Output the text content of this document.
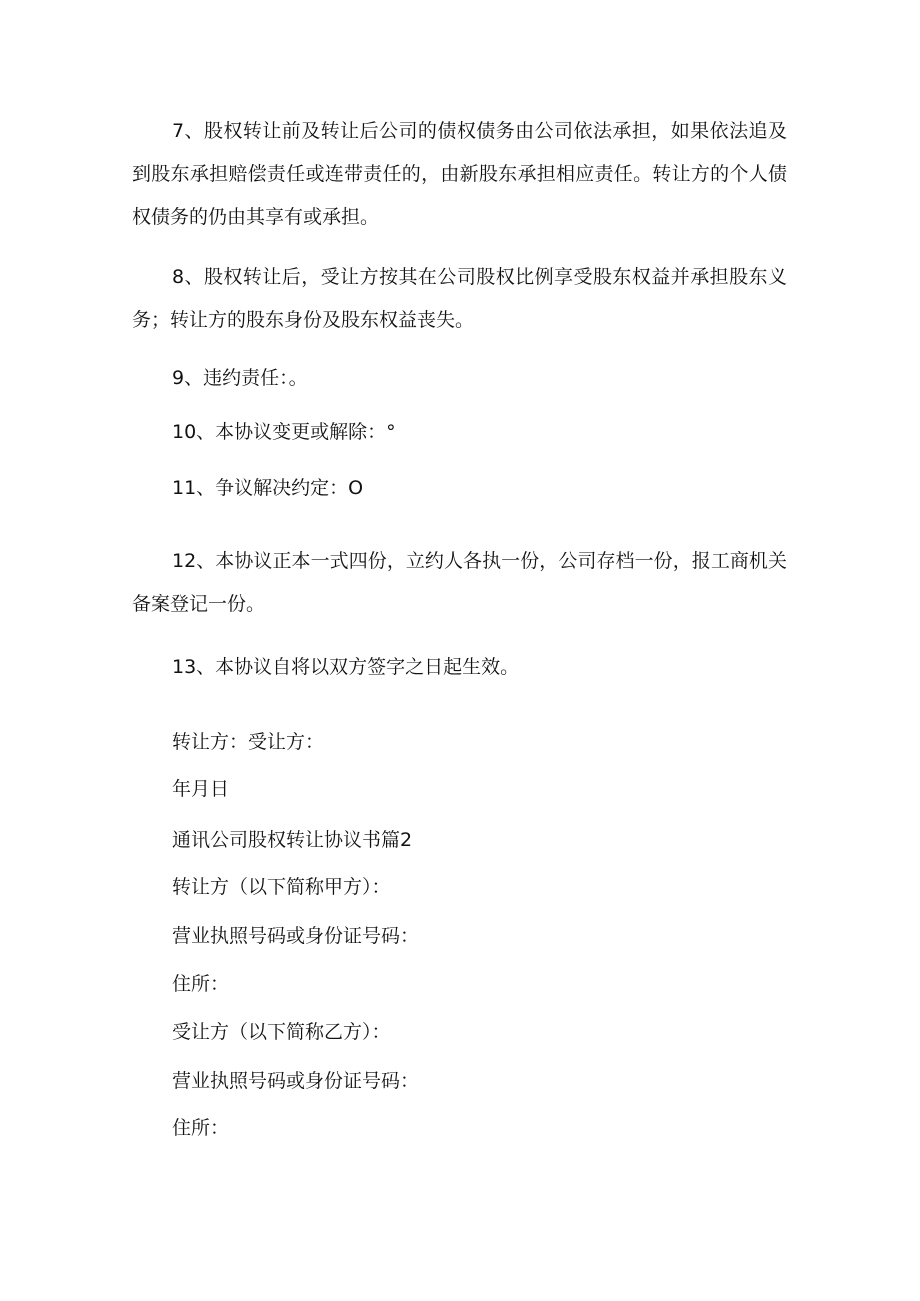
7、股权转让前及转让后公司的债权债务由公司依法承担，如果依法追及到股东承担赔偿责任或连带责任的，由新股东承担相应责任。转让方的个人债权债务的仍由其享有或承担。

8、股权转让后，受让方按其在公司股权比例享受股东权益并承担股东义务；转让方的股东身份及股东权益丧失。

9、违约责任：。

10、本协议变更或解除：°

11、争议解决约定：O

12、本协议正本一式四份，立约人各执一份，公司存档一份，报工商机关备案登记一份。

13、本协议自将以双方签字之日起生效。

转让方：受让方：

年月日

通讯公司股权转让协议书篇2

转让方（以下简称甲方）：

营业执照号码或身份证号码：

住所：

受让方（以下简称乙方）：

营业执照号码或身份证号码：

住所：
